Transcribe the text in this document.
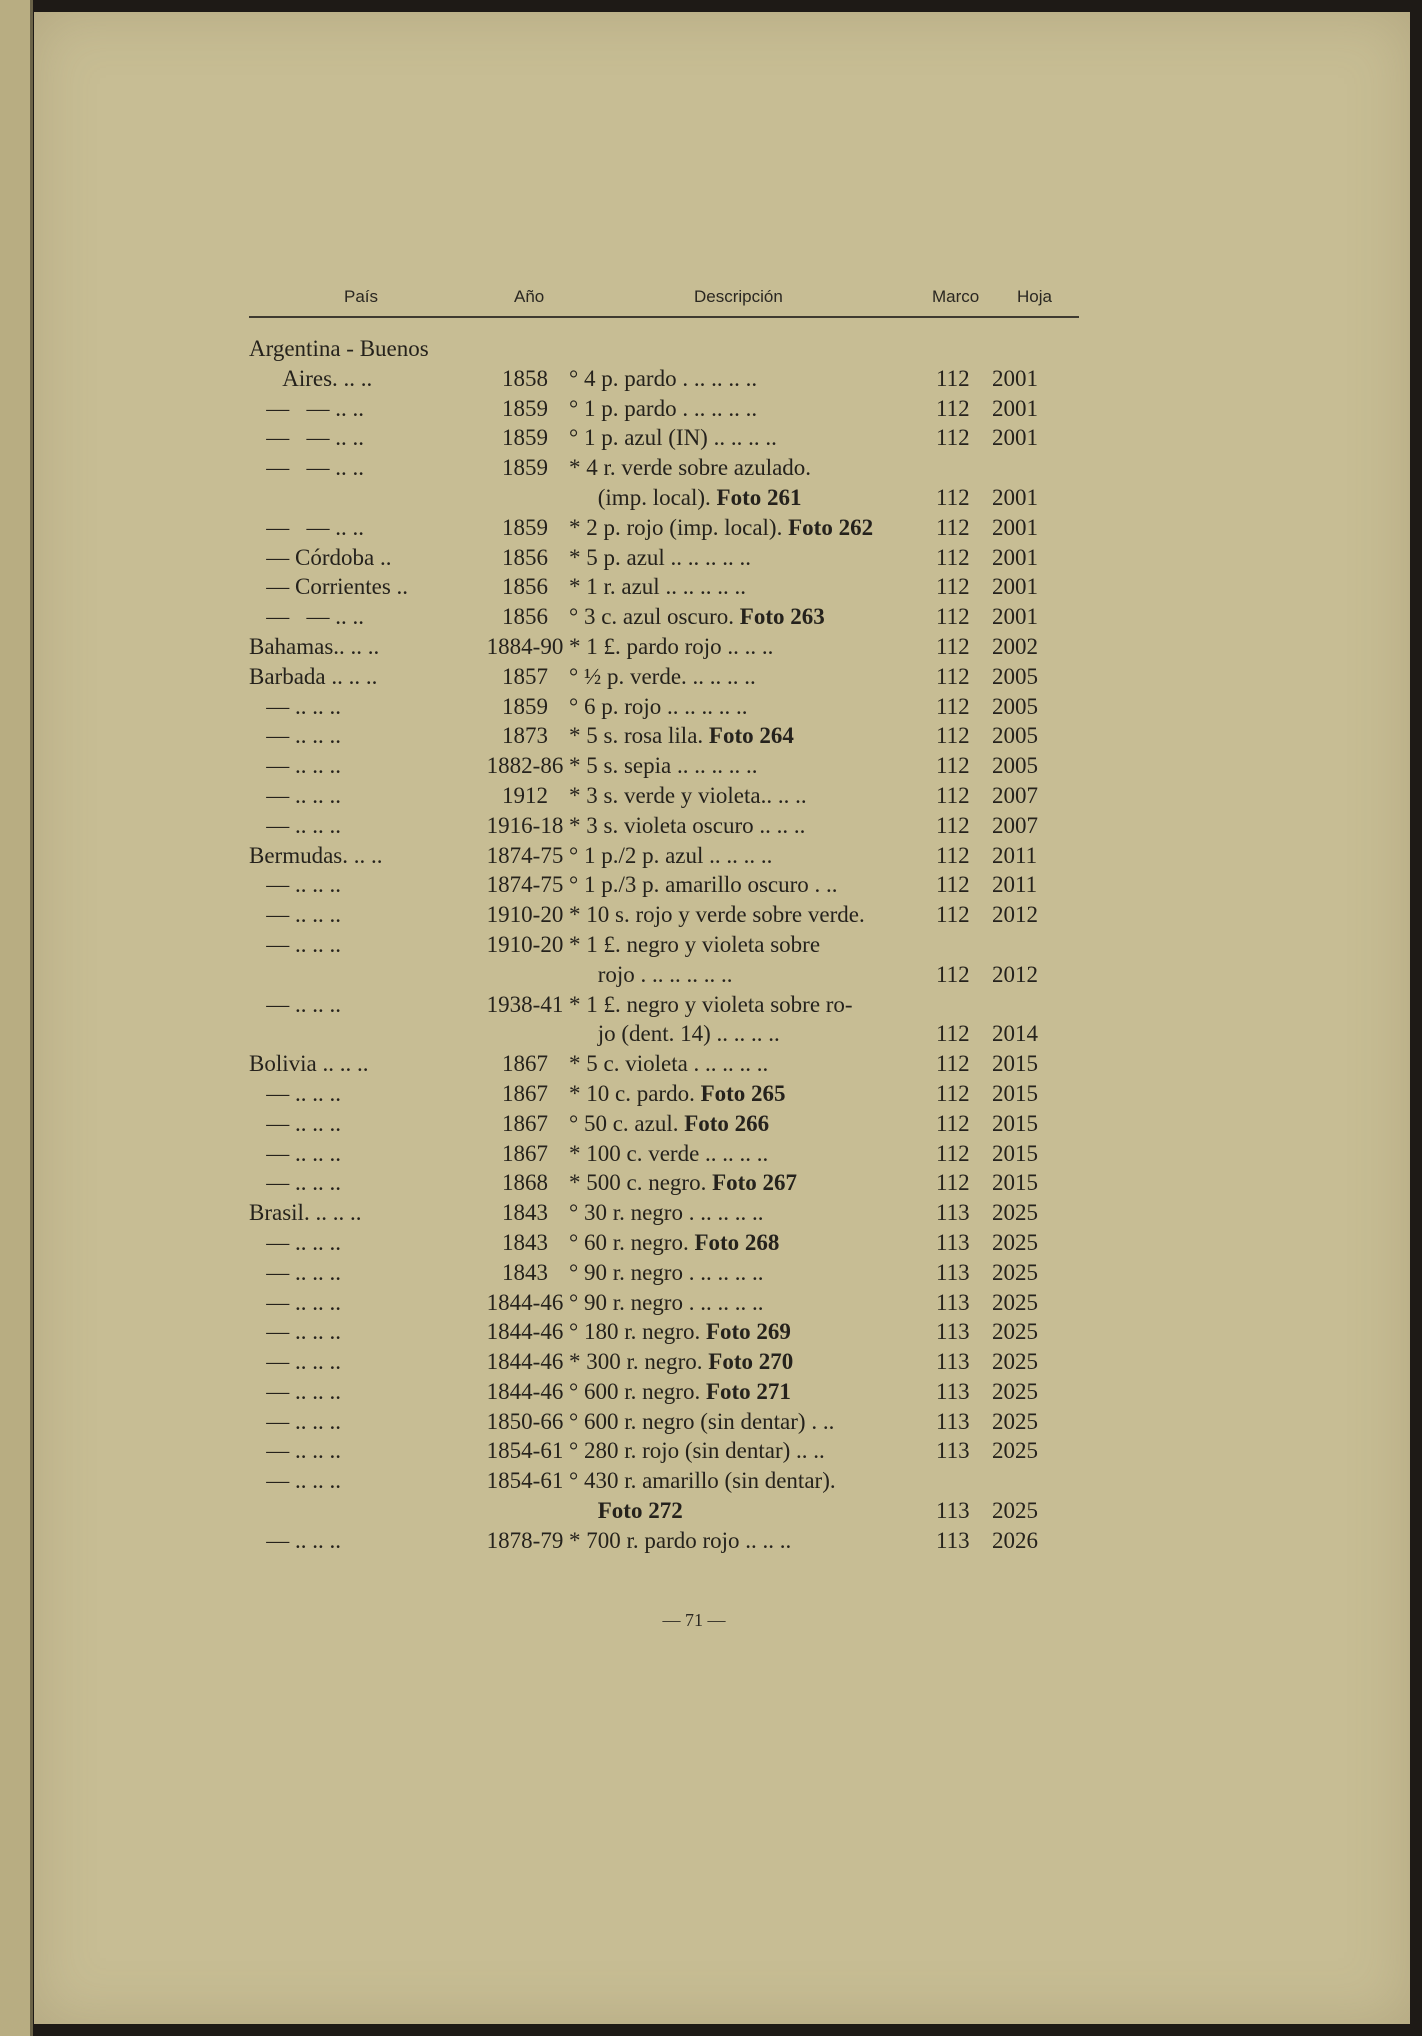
País	Año	Descripción	Marco Hoja
Argentina - Buenos
Aires. .. ..	1858 ° 4 p. pardo . .. .. .. ..	112 2001
—   — .. ..	1859 ° 1 p. pardo . .. .. .. ..	112 2001
—   — .. ..	1859 ° 1 p. azul (IN) .. .. .. ..	112 2001
—   — .. ..	1859 * 4 r. verde sobre azulado.
(imp. local). Foto 261	112 2001
—   — .. ..	1859 * 2 p. rojo (imp. local). Foto 262	112 2001
— Córdoba ..	1856 * 5 p. azul .. .. .. .. ..	112 2001
— Corrientes ..	1856 * 1 r. azul .. .. .. .. ..	112 2001
—   — .. ..	1856 ° 3 c. azul oscuro. Foto 263	112 2001
Bahamas.. .. ..	1884-90 * 1 £. pardo rojo .. .. ..	112 2002
Barbada .. .. ..	1857 ° ½ p. verde. .. .. .. ..	112 2005
— .. .. ..	1859 ° 6 p. rojo .. .. .. .. ..	112 2005
— .. .. ..	1873 * 5 s. rosa lila. Foto 264	112 2005
— .. .. ..	1882-86 * 5 s. sepia .. .. .. .. ..	112 2005
— .. .. ..	1912 * 3 s. verde y violeta.. .. ..	112 2007
— .. .. ..	1916-18 * 3 s. violeta oscuro .. .. ..	112 2007
Bermudas. .. ..	1874-75 ° 1 p./2 p. azul .. .. .. ..	112 2011
— .. .. ..	1874-75 ° 1 p./3 p. amarillo oscuro . ..	112 2011
— .. .. ..	1910-20 * 10 s. rojo y verde sobre verde.	112 2012
— .. .. ..	1910-20 * 1 £. negro y violeta sobre
rojo . .. .. .. .. ..	112 2012
— .. .. ..	1938-41 * 1 £. negro y violeta sobre ro-
jo (dent. 14) .. .. .. ..	112 2014
Bolivia .. .. ..	1867 * 5 c. violeta . .. .. .. ..	112 2015
— .. .. ..	1867 * 10 c. pardo. Foto 265	112 2015
— .. .. ..	1867 ° 50 c. azul. Foto 266	112 2015
— .. .. ..	1867 * 100 c. verde .. .. .. ..	112 2015
— .. .. ..	1868 * 500 c. negro. Foto 267	112 2015
Brasil. .. .. ..	1843 ° 30 r. negro . .. .. .. ..	113 2025
— .. .. ..	1843 ° 60 r. negro. Foto 268	113 2025
— .. .. ..	1843 ° 90 r. negro . .. .. .. ..	113 2025
— .. .. ..	1844-46 ° 90 r. negro . .. .. .. ..	113 2025
— .. .. ..	1844-46 ° 180 r. negro. Foto 269	113 2025
— .. .. ..	1844-46 * 300 r. negro. Foto 270	113 2025
— .. .. ..	1844-46 ° 600 r. negro. Foto 271	113 2025
— .. .. ..	1850-66 ° 600 r. negro (sin dentar) . ..	113 2025
— .. .. ..	1854-61 ° 280 r. rojo (sin dentar) .. ..	113 2025
— .. .. ..	1854-61 ° 430 r. amarillo (sin dentar).
Foto 272	113 2025
— .. .. ..	1878-79 * 700 r. pardo rojo .. .. ..	113 2026
— 71 —
